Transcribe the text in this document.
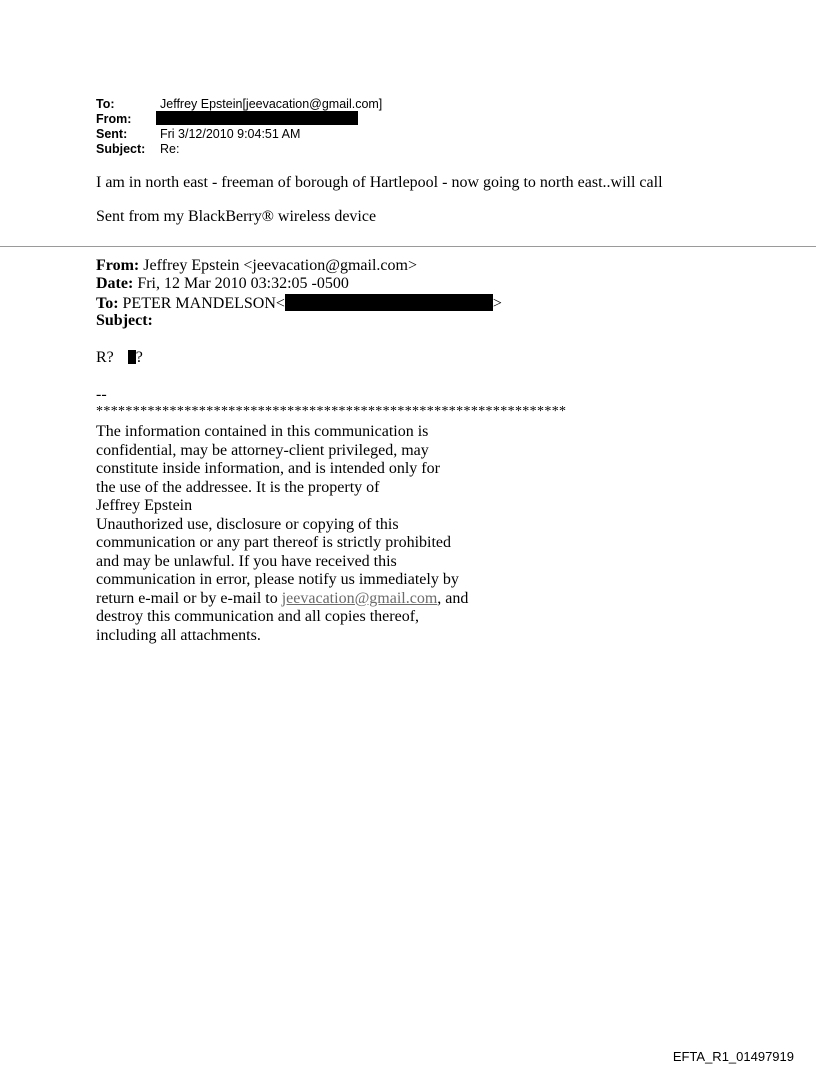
To:	Jeffrey Epstein[jeevacation@gmail.com]
From:
Sent:	Fri 3/12/2010 9:04:51 AM
Subject: Re:
I am in north east - freeman of borough of Hartlepool - now going to north east..will call
Sent from my BlackBerry® wireless device
From: Jeffrey Epstein <jeevacation@gmail.com>
Date: Fri, 12 Mar 2010 03:32:05 -0500
To: PETER MANDELSON<	>
Subject:
R? ?
--
****************************************************************
The information contained in this communication is
confidential, may be attorney-client privileged, may
constitute inside information, and is intended only for
the use of the addressee. It is the property of
Jeffrey Epstein
Unauthorized use, disclosure or copying of this
communication or any part thereof is strictly prohibited
and may be unlawful. If you have received this
communication in error, please notify us immediately by
return e-mail or by e-mail to jeevacation@gmail.com, and
destroy this communication and all copies thereof,
including all attachments.
EFTA_R1_01497919
